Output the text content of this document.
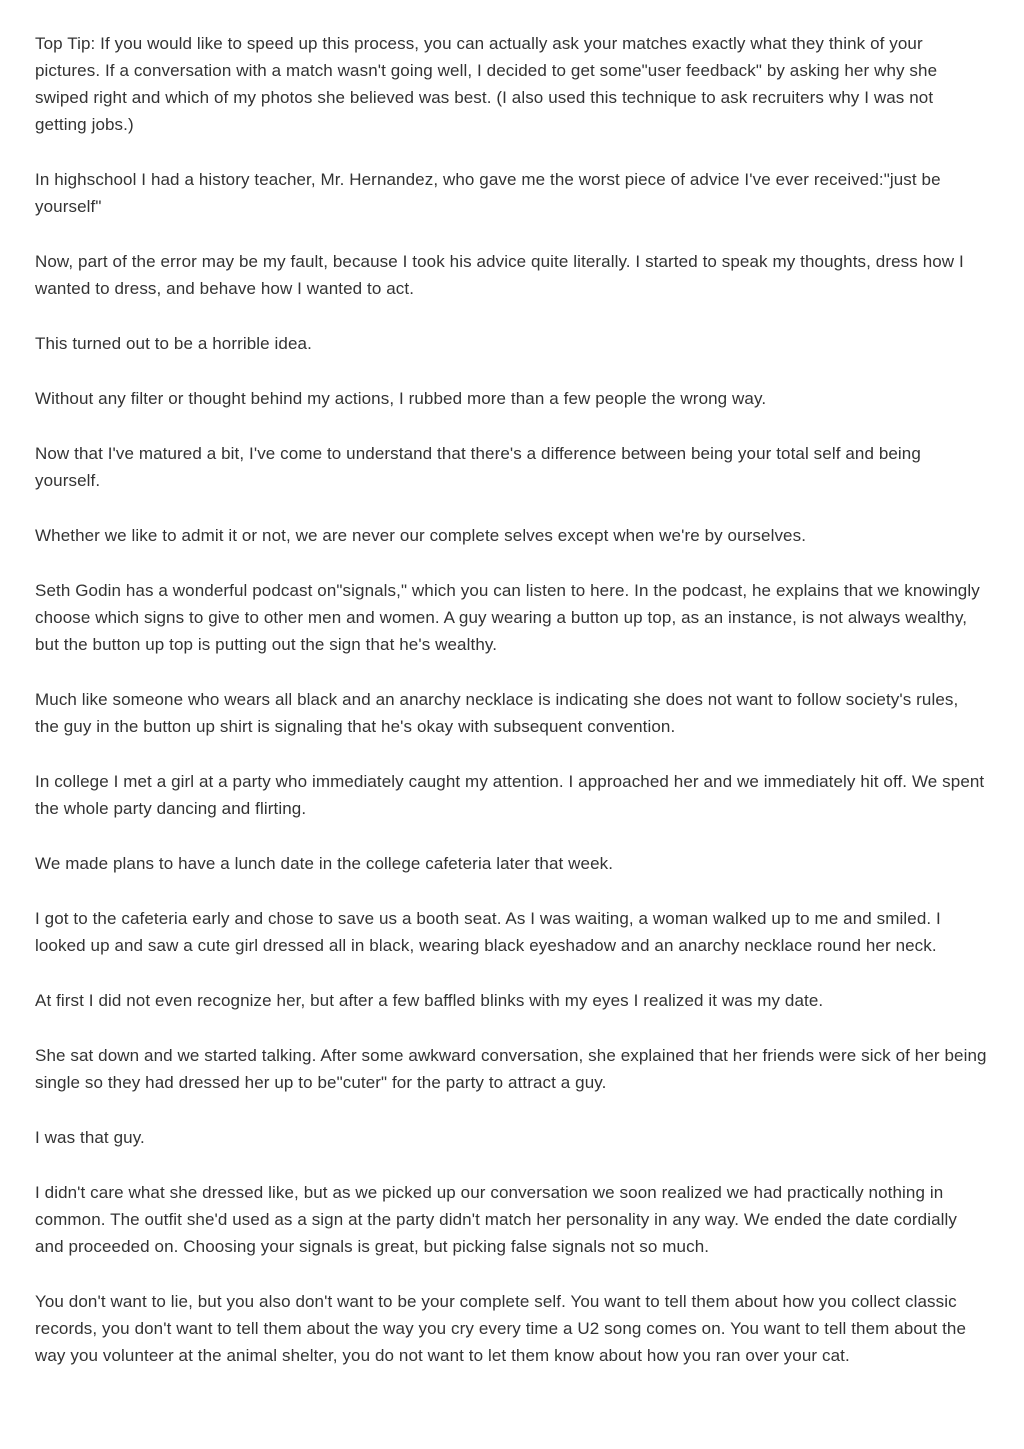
Top Tip: If you would like to speed up this process, you can actually ask your matches exactly what they think of your pictures. If a conversation with a match wasn't going well, I decided to get some"user feedback" by asking her why she swiped right and which of my photos she believed was best. (I also used this technique to ask recruiters why I was not getting jobs.)

In highschool I had a history teacher, Mr. Hernandez, who gave me the worst piece of advice I've ever received:"just be yourself"

Now, part of the error may be my fault, because I took his advice quite literally. I started to speak my thoughts, dress how I wanted to dress, and behave how I wanted to act.

This turned out to be a horrible idea.

Without any filter or thought behind my actions, I rubbed more than a few people the wrong way.

Now that I've matured a bit, I've come to understand that there's a difference between being your total self and being yourself.

Whether we like to admit it or not, we are never our complete selves except when we're by ourselves.

Seth Godin has a wonderful podcast on"signals," which you can listen to here. In the podcast, he explains that we knowingly choose which signs to give to other men and women. A guy wearing a button up top, as an instance, is not always wealthy, but the button up top is putting out the sign that he's wealthy.

Much like someone who wears all black and an anarchy necklace is indicating she does not want to follow society's rules, the guy in the button up shirt is signaling that he's okay with subsequent convention.

In college I met a girl at a party who immediately caught my attention. I approached her and we immediately hit off. We spent the whole party dancing and flirting.

We made plans to have a lunch date in the college cafeteria later that week.

I got to the cafeteria early and chose to save us a booth seat. As I was waiting, a woman walked up to me and smiled. I looked up and saw a cute girl dressed all in black, wearing black eyeshadow and an anarchy necklace round her neck.

At first I did not even recognize her, but after a few baffled blinks with my eyes I realized it was my date.

She sat down and we started talking. After some awkward conversation, she explained that her friends were sick of her being single so they had dressed her up to be"cuter" for the party to attract a guy.

I was that guy.

I didn't care what she dressed like, but as we picked up our conversation we soon realized we had practically nothing in common. The outfit she'd used as a sign at the party didn't match her personality in any way. We ended the date cordially and proceeded on. Choosing your signals is great, but picking false signals not so much.

You don't want to lie, but you also don't want to be your complete self. You want to tell them about how you collect classic records, you don't want to tell them about the way you cry every time a U2 song comes on. You want to tell them about the way you volunteer at the animal shelter, you do not want to let them know about how you ran over your cat.
